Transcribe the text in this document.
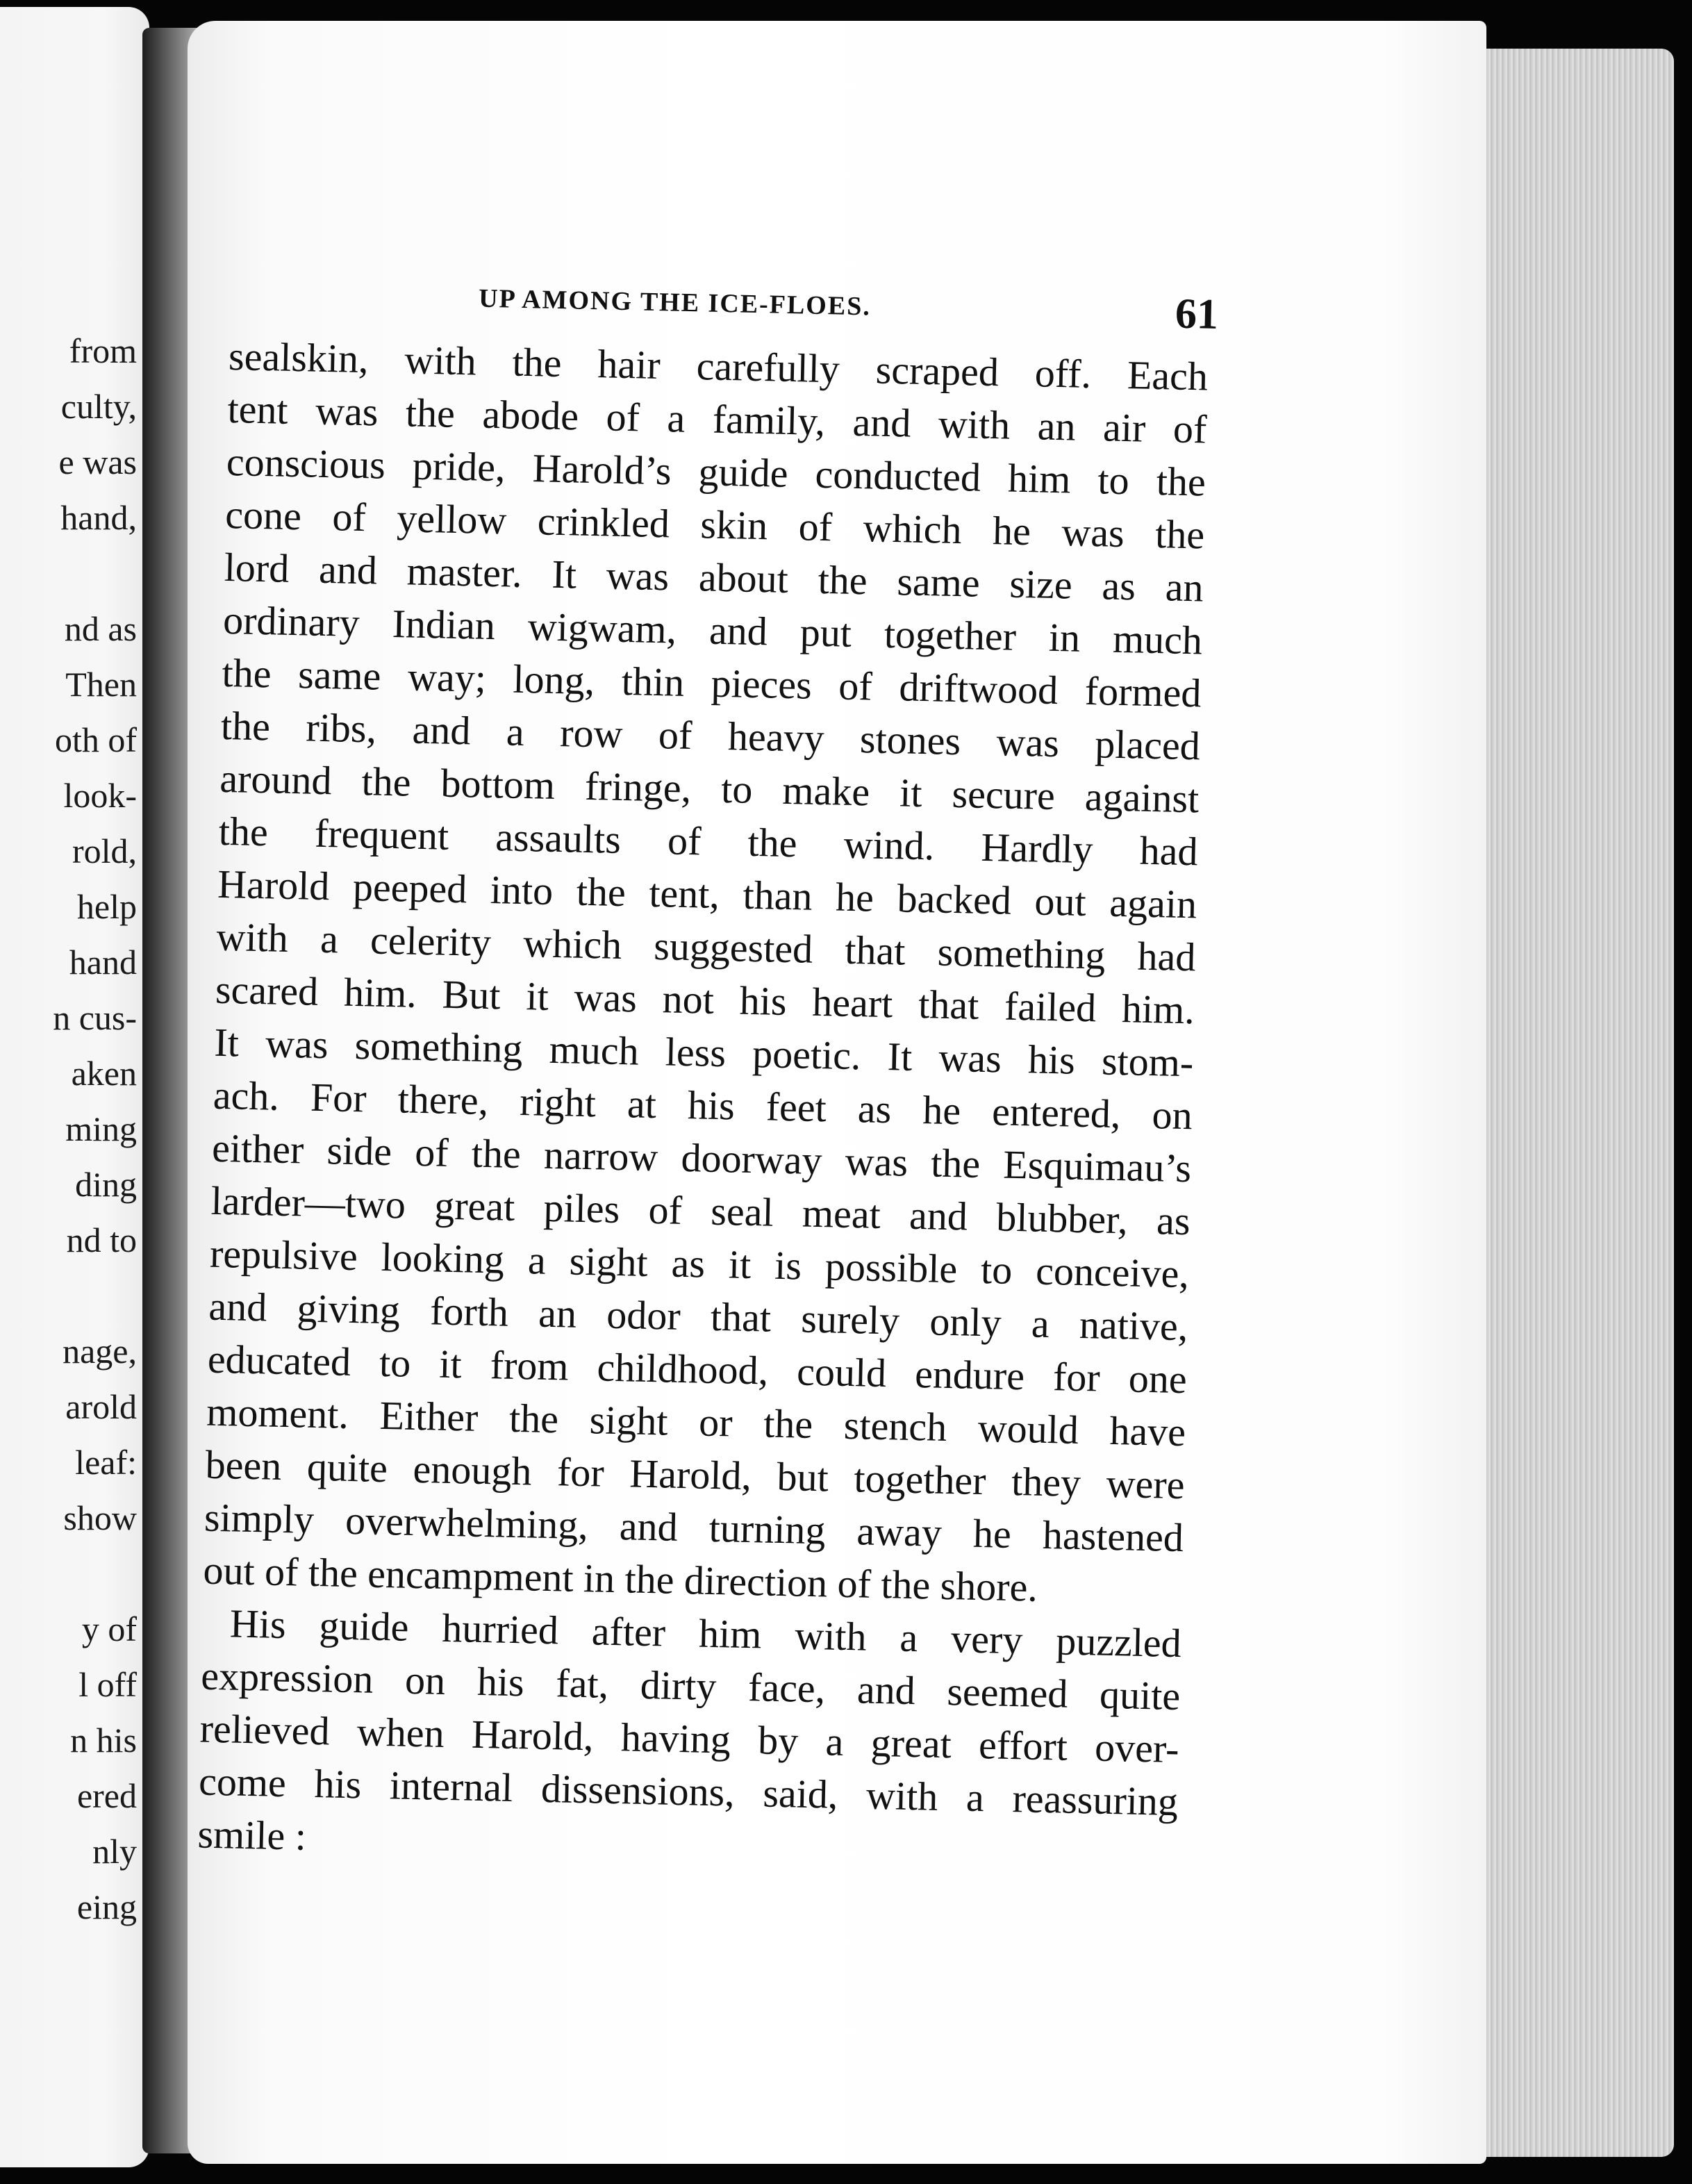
from
culty,
e was
hand,
nd as
Then
oth of
look-
rold,
help
hand
n cus-
aken
ming
ding
nd to
nage,
arold
leaf:
show
y of
l off
n his
ered
nly
eing
UP AMONG THE ICE-FLOES.	61
sealskin, with the hair carefully scraped off. Each
tent was the abode of a family, and with an air of
conscious pride, Harold’s guide conducted him to the
cone of yellow crinkled skin of which he was the
lord and master. It was about the same size as an
ordinary Indian wigwam, and put together in much
the same way; long, thin pieces of driftwood formed
the ribs, and a row of heavy stones was placed
around the bottom fringe, to make it secure against
the frequent assaults of the wind. Hardly had
Harold peeped into the tent, than he backed out again
with a celerity which suggested that something had
scared him. But it was not his heart that failed him.
It was something much less poetic. It was his stom-
ach. For there, right at his feet as he entered, on
either side of the narrow doorway was the Esquimau’s
larder—two great piles of seal meat and blubber, as
repulsive looking a sight as it is possible to conceive,
and giving forth an odor that surely only a native,
educated to it from childhood, could endure for one
moment. Either the sight or the stench would have
been quite enough for Harold, but together they were
simply overwhelming, and turning away he hastened
out of the encampment in the direction of the shore.
His guide hurried after him with a very puzzled
expression on his fat, dirty face, and seemed quite
relieved when Harold, having by a great effort over-
come his internal dissensions, said, with a reassuring
smile :
